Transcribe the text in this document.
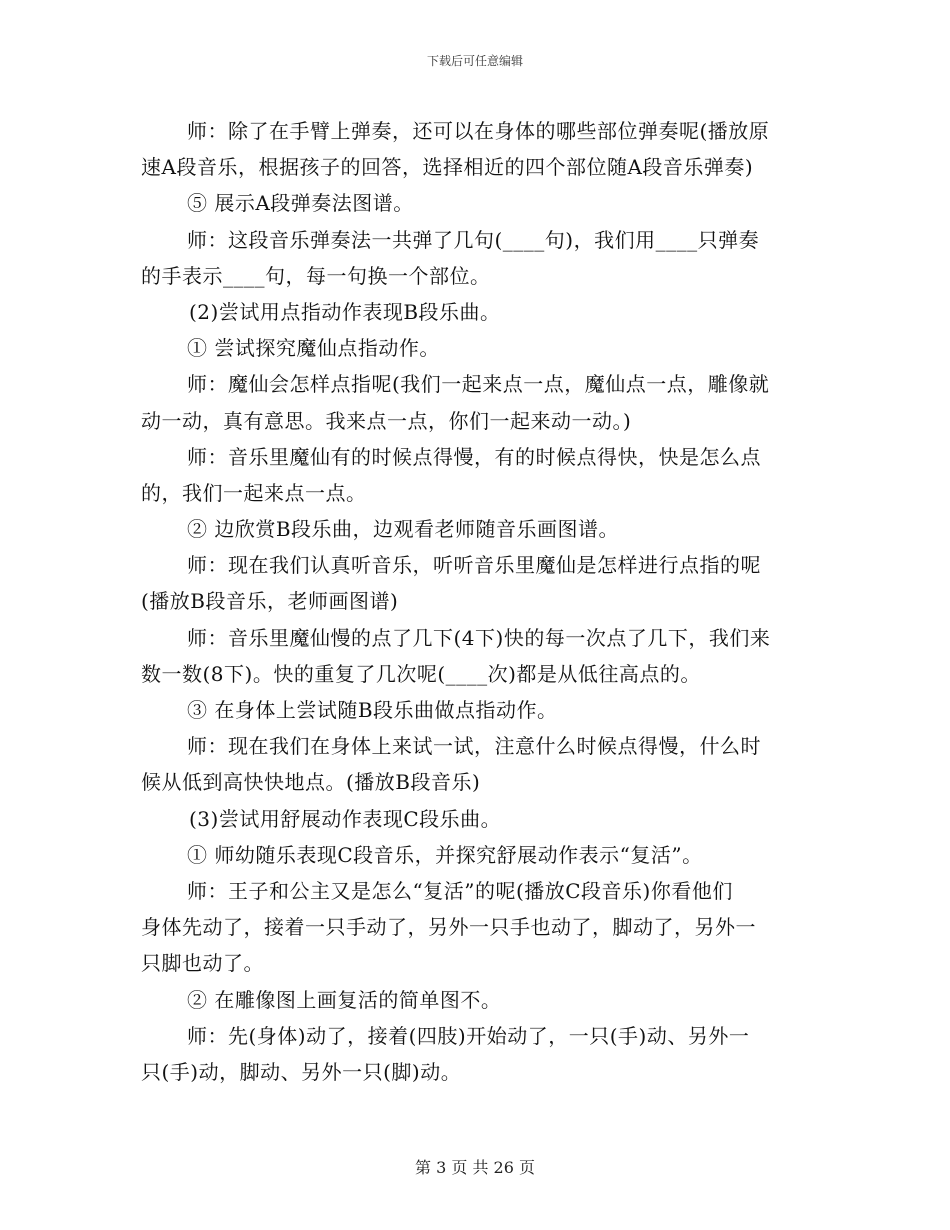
下载后可任意编辑
师：除了在手臂上弹奏，还可以在身体的哪些部位弹奏呢(播放原
速A段音乐，根据孩子的回答，选择相近的四个部位随A段音乐弹奏)
⑤ 展示A段弹奏法图谱。
师：这段音乐弹奏法一共弹了几句(____句)，我们用____只弹奏
的手表示____句，每一句换一个部位。
(2)尝试用点指动作表现B段乐曲。
① 尝试探究魔仙点指动作。
师：魔仙会怎样点指呢(我们一起来点一点，魔仙点一点，雕像就
动一动，真有意思。我来点一点，你们一起来动一动。)
师：音乐里魔仙有的时候点得慢，有的时候点得快，快是怎么点
的，我们一起来点一点。
② 边欣赏B段乐曲，边观看老师随音乐画图谱。
师：现在我们认真听音乐，听听音乐里魔仙是怎样进行点指的呢
(播放B段音乐，老师画图谱)
师：音乐里魔仙慢的点了几下(4下)快的每一次点了几下，我们来
数一数(8下)。快的重复了几次呢(____次)都是从低往高点的。
③ 在身体上尝试随B段乐曲做点指动作。
师：现在我们在身体上来试一试，注意什么时候点得慢，什么时
候从低到高快快地点。(播放B段音乐)
(3)尝试用舒展动作表现C段乐曲。
① 师幼随乐表现C段音乐，并探究舒展动作表示“复活”。
师：王子和公主又是怎么“复活”的呢(播放C段音乐)你看他们
身体先动了，接着一只手动了，另外一只手也动了，脚动了，另外一
只脚也动了。
② 在雕像图上画复活的简单图不。
师：先(身体)动了，接着(四肢)开始动了，一只(手)动、另外一
只(手)动，脚动、另外一只(脚)动。
第 3 页 共 26 页
